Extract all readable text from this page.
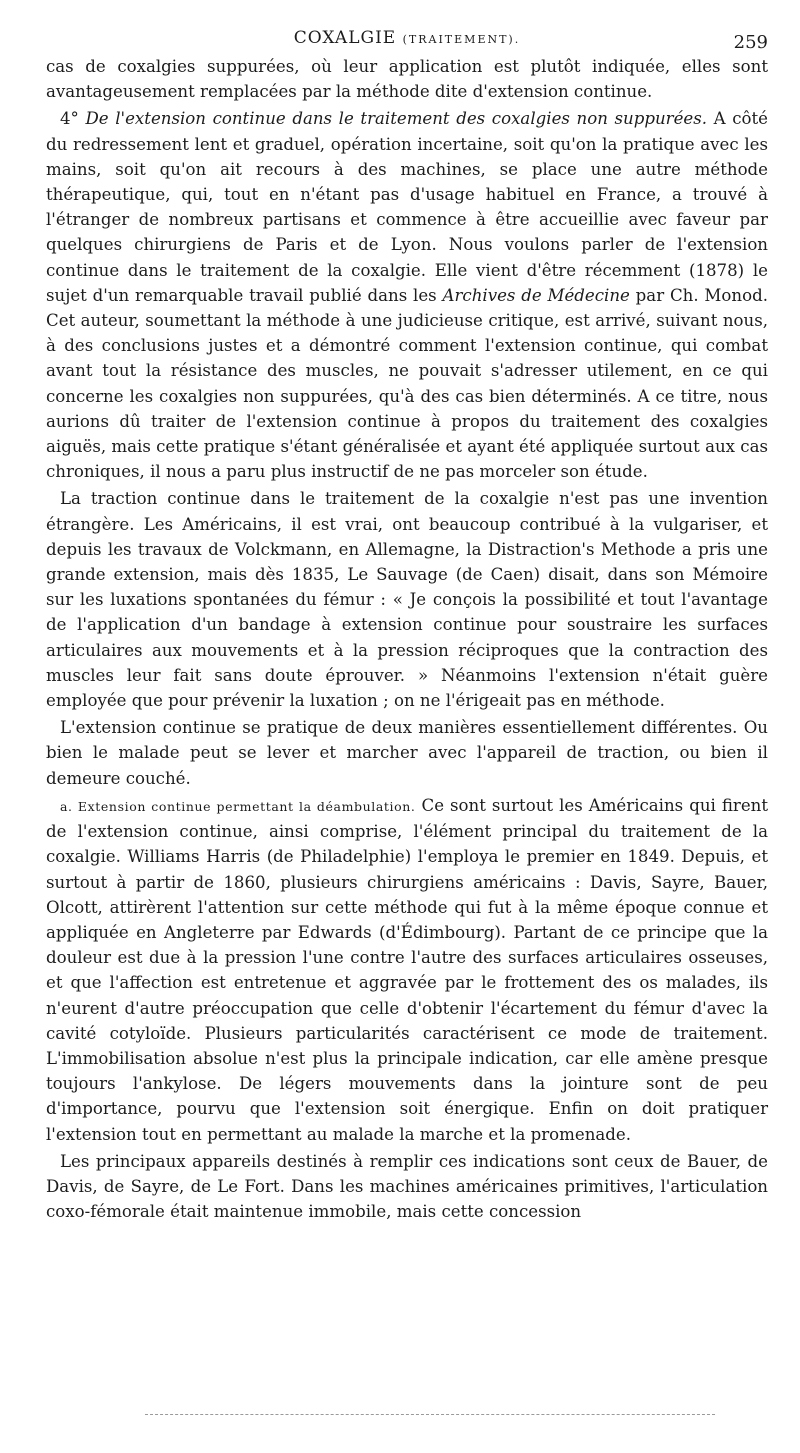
COXALGIE (TRAITEMENT).	259

cas de coxalgies suppurées, où leur application est plutôt indiquée, elles sont avantageusement remplacées par la méthode dite d'extension continue.

4° De l'extension continue dans le traitement des coxalgies non suppurées. A côté du redressement lent et graduel, opération incertaine, soit qu'on la pratique avec les mains, soit qu'on ait recours à des machines, se place une autre méthode thérapeutique, qui, tout en n'étant pas d'usage habituel en France, a trouvé à l'étranger de nombreux partisans et commence à être accueillie avec faveur par quelques chirurgiens de Paris et de Lyon. Nous voulons parler de l'extension continue dans le traitement de la coxalgie. Elle vient d'être récemment (1878) le sujet d'un remarquable travail publié dans les Archives de Médecine par Ch. Monod. Cet auteur, soumettant la méthode à une judicieuse critique, est arrivé, suivant nous, à des conclusions justes et a démontré comment l'extension continue, qui combat avant tout la résistance des muscles, ne pouvait s'adresser utilement, en ce qui concerne les coxalgies non suppurées, qu'à des cas bien déterminés. A ce titre, nous aurions dû traiter de l'extension continue à propos du traitement des coxalgies aiguës, mais cette pratique s'étant généralisée et ayant été appliquée surtout aux cas chroniques, il nous a paru plus instructif de ne pas morceler son étude.

La traction continue dans le traitement de la coxalgie n'est pas une invention étrangère. Les Américains, il est vrai, ont beaucoup contribué à la vulgariser, et depuis les travaux de Volckmann, en Allemagne, la Distraction's Methode a pris une grande extension, mais dès 1835, Le Sauvage (de Caen) disait, dans son Mémoire sur les luxations spontanées du fémur : « Je conçois la possibilité et tout l'avantage de l'application d'un bandage à extension continue pour soustraire les surfaces articulaires aux mouvements et à la pression réciproques que la contraction des muscles leur fait sans doute éprouver. » Néanmoins l'extension n'était guère employée que pour prévenir la luxation ; on ne l'érigeait pas en méthode.

L'extension continue se pratique de deux manières essentiellement différentes. Ou bien le malade peut se lever et marcher avec l'appareil de traction, ou bien il demeure couché.

a. Extension continue permettant la déambulation. Ce sont surtout les Américains qui firent de l'extension continue, ainsi comprise, l'élément principal du traitement de la coxalgie. Williams Harris (de Philadelphie) l'employa le premier en 1849. Depuis, et surtout à partir de 1860, plusieurs chirurgiens américains : Davis, Sayre, Bauer, Olcott, attirèrent l'attention sur cette méthode qui fut à la même époque connue et appliquée en Angleterre par Edwards (d'Édimbourg). Partant de ce principe que la douleur est due à la pression l'une contre l'autre des surfaces articulaires osseuses, et que l'affection est entretenue et aggravée par le frottement des os malades, ils n'eurent d'autre préoccupation que celle d'obtenir l'écartement du fémur d'avec la cavité cotyloïde. Plusieurs particularités caractérisent ce mode de traitement. L'immobilisation absolue n'est plus la principale indication, car elle amène presque toujours l'ankylose. De légers mouvements dans la jointure sont de peu d'importance, pourvu que l'extension soit énergique. Enfin on doit pratiquer l'extension tout en permettant au malade la marche et la promenade.

Les principaux appareils destinés à remplir ces indications sont ceux de Bauer, de Davis, de Sayre, de Le Fort. Dans les machines américaines primitives, l'articulation coxo-fémorale était maintenue immobile, mais cette concession
